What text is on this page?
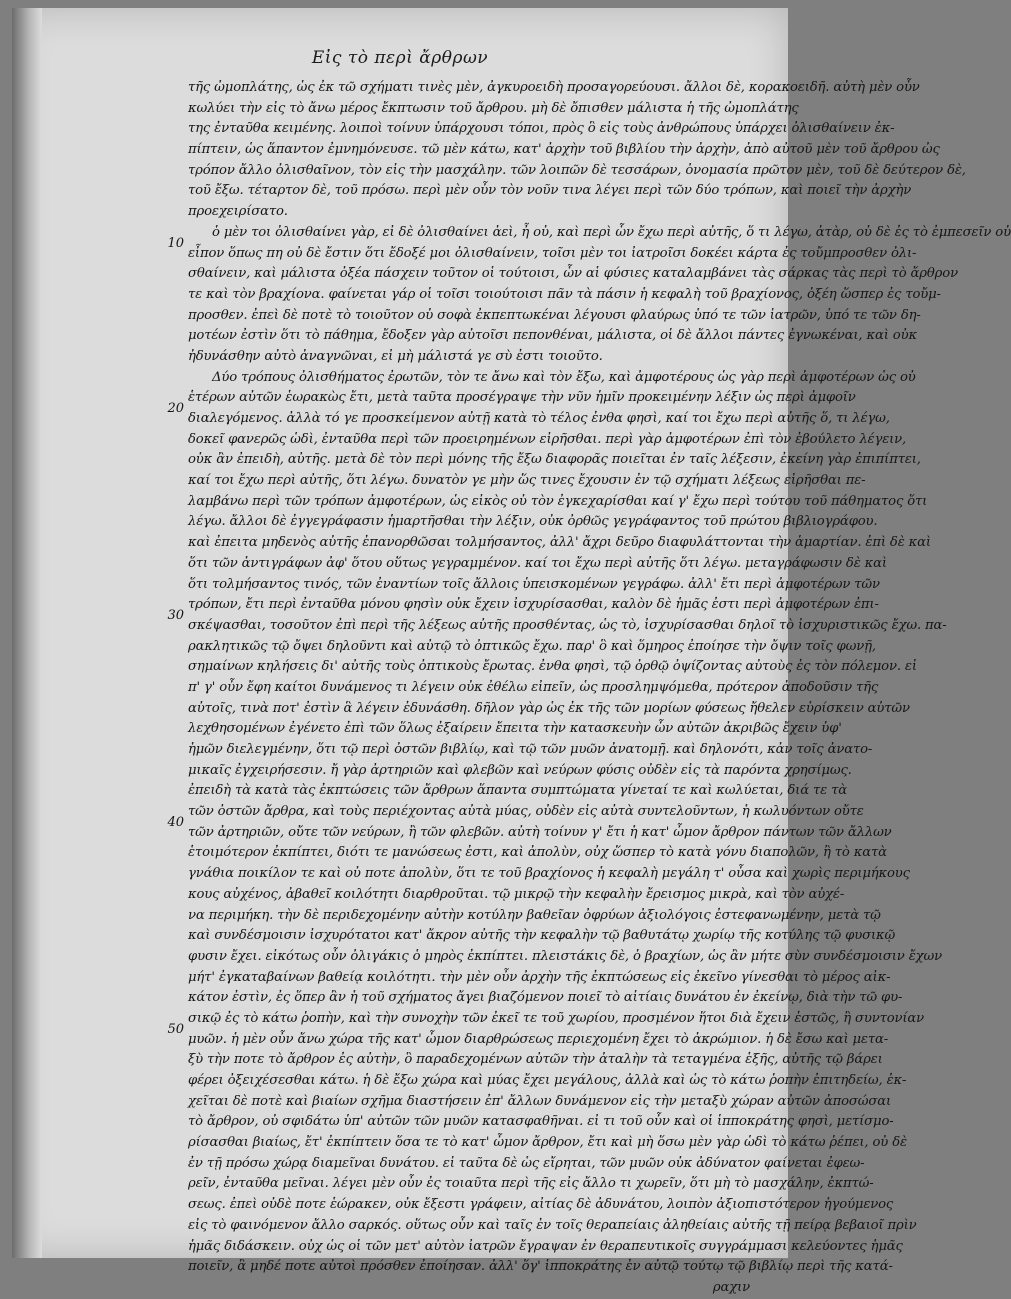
Εἰς τὸ περὶ ἄρθρων
10
20
30
40
50
τῆς ὠμοπλάτης, ὡς ἐκ τῶ σχήματι τινὲς μὲν, ἀγκυροειδὴ προσαγορεύουσι. ἄλλοι δὲ, κορακοειδῆ. αὐτὴ μὲν οὖν
κωλύει τὴν εἰς τὸ ἄνω μέρος ἔκπτωσιν τοῦ ἄρθρου. μὴ δὲ ὄπισθεν μάλιστα ἡ τῆς ὠμοπλάτης
της ἐνταῦθα κειμένης. λοιποὶ τοίνυν ὑπάρχουσι τόποι, πρὸς ὃ εἰς τοὺς ἀνθρώπους ὑπάρχει ὀλισθαίνειν ἐκ-
πίπτειν, ὡς ἅπαντον ἐμνημόνευσε. τῶ μὲν κάτω, κατ' ἀρχὴν τοῦ βιβλίου τὴν ἀρχὴν, ἀπὸ αὐτοῦ μὲν τοῦ ἄρθρου ὠς
τρόπον ἄλλο ὀλισθαῖνον, τὸν εἰς τὴν μασχάλην. τῶν λοιπῶν δὲ τεσσάρων, ὀνομασία πρῶτον μὲν, τοῦ δὲ δεύτερον δὲ,
τοῦ ἔξω. τέταρτον δὲ, τοῦ πρόσω. περὶ μὲν οὖν τὸν νοῦν τινα λέγει περὶ τῶν δύο τρόπων, καὶ ποιεῖ τὴν ἀρχὴν
προεχειρίσατο.
ὁ μὲν τοι ὀλισθαίνει γὰρ, εἰ δὲ ὀλισθαίνει ἀεὶ, ἦ οὐ, καὶ περὶ ὧν ἔχω περὶ αὐτῆς, ὅ τι λέγω, ἀτὰρ, οὐ δὲ ἐς τὸ ἐμπεσεῖν οὐ
εἶπον ὅπως πη οὐ δὲ ἔστιν ὅτι ἔδοξέ μοι ὀλισθαίνειν, τοῖσι μὲν τοι ἰατροῖσι δοκέει κάρτα ἐς τοὔμπροσθεν ὀλι-
σθαίνειν, καὶ μάλιστα ὀξέα πάσχειν τοῦτον οἱ τούτοισι, ὧν αἱ φύσιες καταλαμβάνει τὰς σάρκας τὰς περὶ τὸ ἄρθρον
τε καὶ τὸν βραχίονα. φαίνεται γάρ οἱ τοῖσι τοιούτοισι πᾶν τὰ πάσιν ἡ κεφαλὴ τοῦ βραχίονος, ὀξέη ὥσπερ ἐς τοὔμ-
προσθεν. ἐπεὶ δὲ ποτὲ τὸ τοιοῦτον οὐ σοφὰ ἐκπεπτωκέναι λέγουσι φλαύρως ὑπό τε τῶν ἰατρῶν, ὑπό τε τῶν δη-
μοτέων ἐστὶν ὅτι τὸ πάθημα, ἔδοξεν γὰρ αὐτοῖσι πεπονθέναι, μάλιστα, οἱ δὲ ἄλλοι πάντες ἐγνωκέναι, καὶ οὐκ
ἠδυνάσθην αὐτὸ ἀναγνῶναι, εἰ μὴ μάλιστά γε σὺ ἐστι τοιοῦτο.
Δύο τρόπους ὀλισθήματος ἐρωτῶν, τὸν τε ἄνω καὶ τὸν ἔξω, καὶ ἀμφοτέρους ὡς γὰρ περὶ ἀμφοτέρων ὡς οὐ
ἑτέρων αὐτῶν ἑωρακὼς ἔτι, μετὰ ταῦτα προσέγραψε τὴν νῦν ἡμῖν προκειμένην λέξιν ὡς περὶ ἀμφοῖν
διαλεγόμενος. ἀλλὰ τό γε προσκείμενον αὐτῇ κατὰ τὸ τέλος ἐνθα φησὶ, καί τοι ἔχω περὶ αὐτῆς ὅ, τι λέγω,
δοκεῖ φανερῶς ὡδὶ, ἐνταῦθα περὶ τῶν προειρημένων εἰρῆσθαι. περὶ γὰρ ἀμφοτέρων ἐπὶ τὸν ἐβούλετο λέγειν,
οὐκ ἂν ἐπειδὴ, αὐτῆς. μετὰ δὲ τὸν περὶ μόνης τῆς ἔξω διαφορᾶς ποιεῖται ἐν ταῖς λέξεσιν, ἐκείνη γὰρ ἐπιπίπτει,
καί τοι ἔχω περὶ αὐτῆς, ὅτι λέγω. δυνατὸν γε μὴν ὥς τινες ἔχουσιν ἐν τῷ σχήματι λέξεως εἰρῆσθαι πε-
λαμβάνω περὶ τῶν τρόπων ἀμφοτέρων, ὡς εἰκὸς οὐ τὸν ἐγκεχαρίσθαι καί γ' ἔχω περὶ τούτου τοῦ πάθηματος ὅτι
λέγω. ἄλλοι δὲ ἐγγεγράφασιν ἡμαρτῆσθαι τὴν λέξιν, οὐκ ὀρθῶς γεγράφαντος τοῦ πρώτου βιβλιογράφου.
καὶ ἐπειτα μηδενὸς αὐτῆς ἐπανορθῶσαι τολμήσαντος, ἀλλ' ἄχρι δεῦρο διαφυλάττονται τὴν ἁμαρτίαν. ἐπὶ δὲ καὶ
ὅτι τῶν ἀντιγράφων ἀφ' ὅτου οὕτως γεγραμμένον. καί τοι ἔχω περὶ αὐτῆς ὅτι λέγω. μεταγράφωσιν δὲ καὶ
ὅτι τολμήσαντος τινός, τῶν ἐναντίων τοῖς ἄλλοις ὑπεισκομένων γεγράφω. ἀλλ' ἔτι περὶ ἀμφοτέρων τῶν
τρόπων, ἔτι περὶ ἐνταῦθα μόνου φησὶν οὐκ ἔχειν ἰσχυρίσασθαι, καλὸν δὲ ἡμᾶς ἐστι περὶ ἀμφοτέρων ἐπι-
σκέψασθαι, τοσοῦτον ἐπὶ περὶ τῆς λέξεως αὐτῆς προσθέντας, ὡς τὸ, ἰσχυρίσασθαι δηλοῖ τὸ ἰσχυριστικῶς ἔχω. πα-
ρακλητικῶς τῷ ὄψει δηλοῦντι καὶ αὐτῷ τὸ ὀπτικῶς ἔχω. παρ' ὃ καὶ ὅμηρος ἐποίησε τὴν ὄψιν τοῖς φωνῇ,
σημαίνων κηλήσεις δι' αὐτῆς τοὺς ὀπτικοὺς ἔρωτας. ἐνθα φησὶ, τῷ ὀρθῷ ὀψίζοντας αὐτοὺς ἐς τὸν πόλεμον. εἰ
π' γ' οὖν ἔφη καίτοι δυνάμενος τι λέγειν οὐκ ἐθέλω εἰπεῖν, ὡς προσλημψόμεθα, πρότερον ἀποδοῦσιν τῆς
αὐτοῖς, τινὰ ποτ' ἐστὶν ἃ λέγειν ἐδυνάσθη. δῆλον γὰρ ὡς ἐκ τῆς τῶν μορίων φύσεως ἤθελεν εὑρίσκειν αὐτῶν
λεχθησομένων ἐγένετο ἐπὶ τῶν ὅλως ἐξαίρειν ἔπειτα τὴν κατασκευὴν ὧν αὐτῶν ἀκριβῶς ἔχειν ὑφ'
ἡμῶν διελεγμένην, ὅτι τῷ περὶ ὀστῶν βιβλίῳ, καὶ τῷ τῶν μυῶν ἀνατομῇ. καὶ δηλονότι, κἀν τοῖς ἀνατο-
μικαῖς ἐγχειρήσεσιν. ἤ γὰρ ἀρτηριῶν καὶ φλεβῶν καὶ νεύρων φύσις οὐδὲν εἰς τὰ παρόντα χρησίμως.
ἐπειδὴ τὰ κατὰ τὰς ἐκπτώσεις τῶν ἄρθρων ἅπαντα συμπτώματα γίνεταί τε καὶ κωλύεται, διά τε τὰ
τῶν ὀστῶν ἄρθρα, καὶ τοὺς περιέχοντας αὐτὰ μύας, οὐδὲν εἰς αὐτὰ συντελοῦντων, ἡ κωλυόντων οὔτε
τῶν ἀρτηριῶν, οὔτε τῶν νεύρων, ἢ τῶν φλεβῶν. αὐτὴ τοίνυν γ' ἔτι ἡ κατ' ὦμον ἄρθρον πάντων τῶν ἄλλων
ἑτοιμότερον ἐκπίπτει, διότι τε μανώσεως ἐστι, καὶ ἀπολὺν, οὐχ ὥσπερ τὸ κατὰ γόνυ διαπολῶν, ἢ τὸ κατὰ
γνάθια ποικίλον τε καὶ οὐ ποτε ἀπολὺν, ὅτι τε τοῦ βραχίονος ἡ κεφαλὴ μεγάλη τ' οὖσα καὶ χωρὶς περιμήκους
κους αὐχένος, ἀβαθεῖ κοιλότητι διαρθροῦται. τῷ μικρῷ τὴν κεφαλὴν ἔρεισμος μικρὰ, καὶ τὸν αὐχέ-
να περιμήκη. τὴν δὲ περιδεχομένην αὐτὴν κοτύλην βαθεῖαν ὀφρύων ἀξιολόγοις ἐστεφανωμένην, μετὰ τῷ
καὶ συνδέσμοισιν ἰσχυρότατοι κατ' ἄκρον αὐτῆς τὴν κεφαλὴν τῷ βαθυτάτῳ χωρίῳ τῆς κοτύλης τῷ φυσικῷ
φυσιν ἔχει. εἰκότως οὖν ὀλιγάκις ὁ μηρὸς ἐκπίπτει. πλειστάκις δὲ, ὁ βραχίων, ὡς ἂν μήτε σὺν συνδέσμοισιν ἔχων
μήτ' ἐγκαταβαίνων βαθείᾳ κοιλότητι. τὴν μὲν οὖν ἀρχὴν τῆς ἐκπτώσεως εἰς ἐκεῖνο γίνεσθαι τὸ μέρος αἰκ-
κάτον ἐστὶν, ἐς ὅπερ ἂν ἡ τοῦ σχήματος ἄγει βιαζόμενον ποιεῖ τὸ αἰτίαις δυνάτου ἐν ἐκείνῳ, διὰ τὴν τῶ φυ-
σικῷ ἐς τὸ κάτω ῥοπὴν, καὶ τὴν συνοχὴν τῶν ἐκεῖ τε τοῦ χωρίου, προσμένον ἥτοι διὰ ἔχειν ἑστῶς, ἢ συντονίαν
μυῶν. ἡ μὲν οὖν ἄνω χώρα τῆς κατ' ὦμον διαρθρώσεως περιεχομένη ἔχει τὸ ἀκρώμιον. ἡ δὲ ἔσω καὶ μετα-
ξὺ τὴν ποτε τὸ ἄρθρον ἐς αὐτὴν, ὃ παραδεχομένων αὐτῶν τὴν ἀταλὴν τὰ τεταγμένα ἑξῆς, αὐτῆς τῷ βάρει
φέρει ὀξειχέσεσθαι κάτω. ἡ δὲ ἔξω χώρα καὶ μύας ἔχει μεγάλους, ἀλλὰ καὶ ὡς τὸ κάτω ῥοπὴν ἐπιτηδείω, ἐκ-
χεῖται δὲ ποτὲ καὶ βιαίων σχῆμα διαστήσειν ἐπ' ἄλλων δυνάμενον εἰς τὴν μεταξὺ χώραν αὐτῶν ἀποσώσαι
τὸ ἄρθρον, οὐ σφιδάτω ὑπ' αὐτῶν τῶν μυῶν κατασφαθῆναι. εἰ τι τοῦ οὖν καὶ οἱ ἱπποκράτης φησὶ, μετίσμο-
ρίσασθαι βιαίως, ἔτ' ἐκπίπτειν ὅσα τε τὸ κατ' ὦμον ἄρθρον, ἔτι καὶ μὴ ὅσω μὲν γὰρ ὡδὶ τὸ κάτω ῥέπει, οὐ δὲ
ἐν τῇ πρόσω χώρᾳ διαμεῖναι δυνάτου. εἰ ταῦτα δὲ ὡς εἴρηται, τῶν μυῶν οὐκ ἀδύνατον φαίνεται ἐφεω-
ρεῖν, ἐνταῦθα μεῖναι. λέγει μὲν οὖν ἐς τοιαῦτα περὶ τῆς εἰς ἄλλο τι χωρεῖν, ὅτι μὴ τὸ μασχάλην, ἐκπτώ-
σεως. ἐπεὶ οὐδὲ ποτε ἑώρακεν, οὐκ ἔξεστι γράφειν, αἰτίας δὲ ἀδυνάτου, λοιπὸν ἀξιοπιστότερον ἡγούμενος
εἰς τὸ φαινόμενον ἄλλο σαρκός. οὕτως οὖν καὶ ταῖς ἐν τοῖς θεραπείαις ἀληθείαις αὐτῆς τῇ πείρᾳ βεβαιοῖ πρὶν
ἡμᾶς διδάσκειν. οὐχ ὡς οἱ τῶν μετ' αὐτὸν ἰατρῶν ἔγραψαν ἐν θεραπευτικοῖς συγγράμμασι κελεύοντες ἡμᾶς
ποιεῖν, ἃ μηδέ ποτε αὐτοὶ πρόσθεν ἐποίησαν. ἀλλ' ὅγ' ἱπποκράτης ἐν αὐτῷ τούτῳ τῷ βιβλίῳ περὶ τῆς κατά-
ραχιν
